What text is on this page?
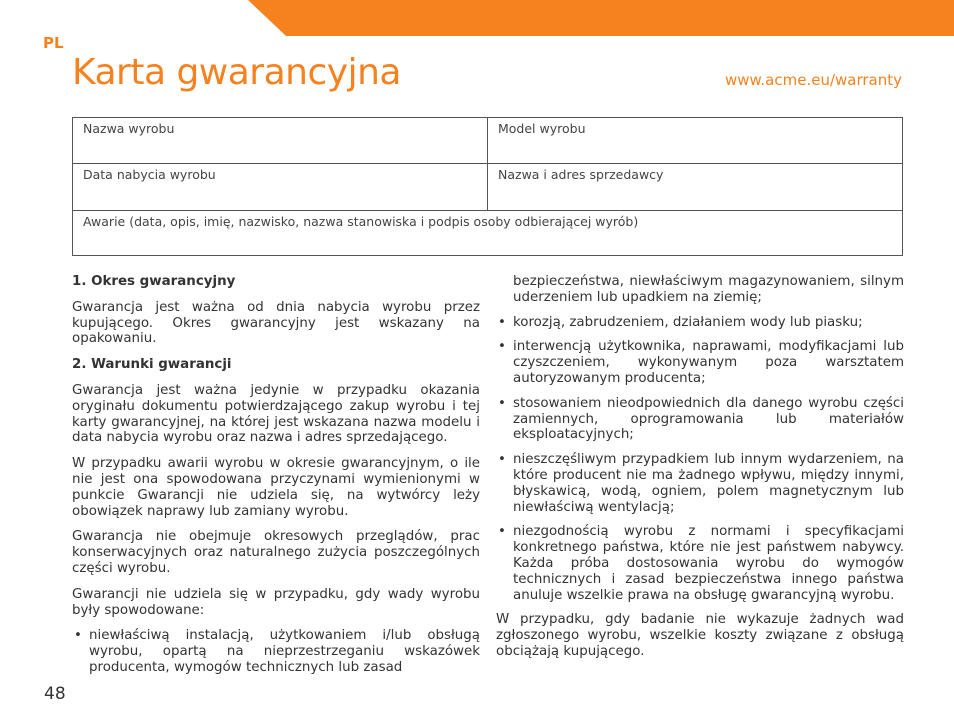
PL
Karta gwarancyjna	www.acme.eu/warranty
Nazwa wyrobu	Model wyrobu
Data nabycia wyrobu	Nazwa i adres sprzedawcy
Awarie (data, opis, imię, nazwisko, nazwa stanowiska i podpis osoby odbierającej wyrób)
1. Okres gwarancyjny

Gwarancja jest ważna od dnia nabycia wyrobu przez kupującego. Okres gwarancyjny jest wskazany na opakowaniu.

2. Warunki gwarancji

Gwarancja jest ważna jedynie w przypadku okazania oryginału dokumentu potwierdzającego zakup wyrobu i tej karty gwarancyjnej, na której jest wskazana nazwa modelu i data nabycia wyrobu oraz nazwa i adres sprzedającego.

W przypadku awarii wyrobu w okresie gwarancyjnym, o ile nie jest ona spowodowana przyczynami wymienionymi w punkcie Gwarancji nie udziela się, na wytwórcy leży obowiązek naprawy lub zamiany wyrobu.

Gwarancja nie obejmuje okresowych przeglądów, prac konserwacyjnych oraz naturalnego zużycia poszczególnych części wyrobu.

Gwarancji nie udziela się w przypadku, gdy wady wyrobu były spowodowane:

• niewłaściwą instalacją, użytkowaniem i/lub obsługą wyrobu, opartą na nieprzestrzeganiu wskazówek producenta, wymogów technicznych lub zasad
bezpieczeństwa, niewłaściwym magazynowaniem, silnym uderzeniem lub upadkiem na ziemię;
• korozją, zabrudzeniem, działaniem wody lub piasku;
• interwencją użytkownika, naprawami, modyfikacjami lub czyszczeniem, wykonywanym poza warsztatem autoryzowanym producenta;
• stosowaniem nieodpowiednich dla danego wyrobu części zamiennych, oprogramowania lub materiałów eksploatacyjnych;
• nieszczęśliwym przypadkiem lub innym wydarzeniem, na które producent nie ma żadnego wpływu, między innymi, błyskawicą, wodą, ogniem, polem magnetycznym lub niewłaściwą wentylacją;
• niezgodnością wyrobu z normami i specyfikacjami konkretnego państwa, które nie jest państwem nabywcy. Każda próba dostosowania wyrobu do wymogów technicznych i zasad bezpieczeństwa innego państwa anuluje wszelkie prawa na obsługę gwarancyjną wyrobu.

W przypadku, gdy badanie nie wykazuje żadnych wad zgłoszonego wyrobu, wszelkie koszty związane z obsługą obciążają kupującego.

48
